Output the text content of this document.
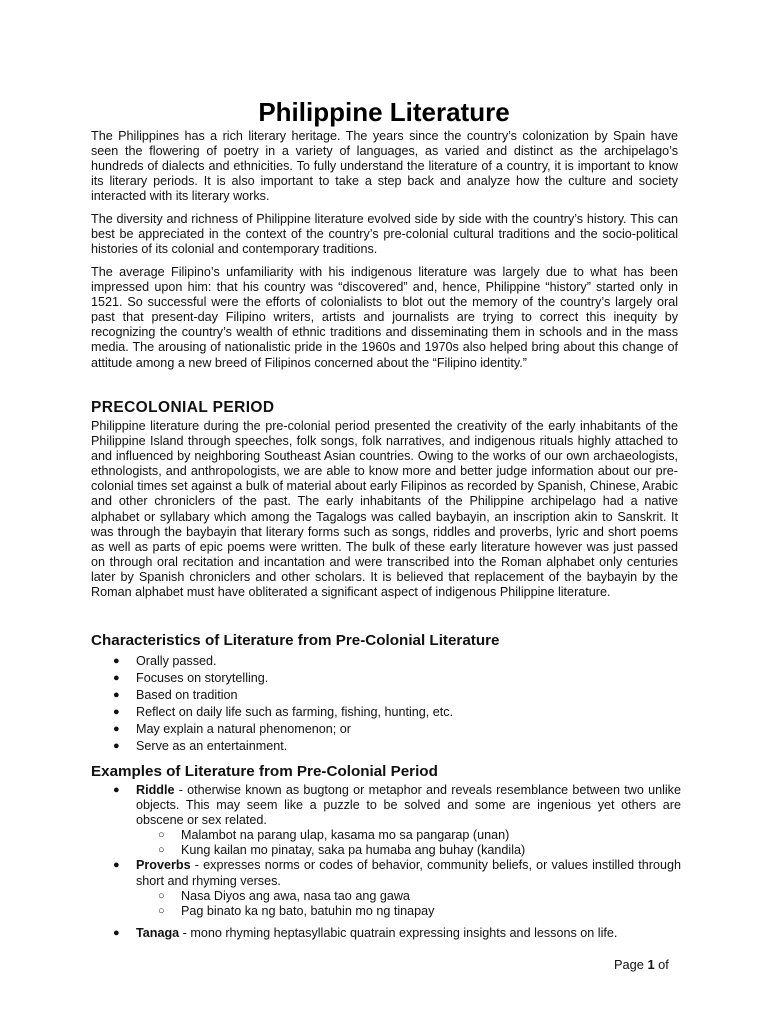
Philippine Literature

The Philippines has a rich literary heritage. The years since the country’s colonization by Spain have seen the flowering of poetry in a variety of languages, as varied and distinct as the archipelago’s hundreds of dialects and ethnicities. To fully understand the literature of a country, it is important to know its literary periods. It is also important to take a step back and analyze how the culture and society interacted with its literary works.

The diversity and richness of Philippine literature evolved side by side with the country’s history. This can best be appreciated in the context of the country’s pre-colonial cultural traditions and the socio-political histories of its colonial and contemporary traditions.

The average Filipino’s unfamiliarity with his indigenous literature was largely due to what has been impressed upon him: that his country was “discovered” and, hence, Philippine “history” started only in 1521. So successful were the efforts of colonialists to blot out the memory of the country’s largely oral past that present-day Filipino writers, artists and journalists are trying to correct this inequity by recognizing the country’s wealth of ethnic traditions and disseminating them in schools and in the mass media. The arousing of nationalistic pride in the 1960s and 1970s also helped bring about this change of attitude among a new breed of Filipinos concerned about the “Filipino identity.”

PRECOLONIAL PERIOD

Philippine literature during the pre-colonial period presented the creativity of the early inhabitants of the Philippine Island through speeches, folk songs, folk narratives, and indigenous rituals highly attached to and influenced by neighboring Southeast Asian countries. Owing to the works of our own archaeologists, ethnologists, and anthropologists, we are able to know more and better judge information about our pre-colonial times set against a bulk of material about early Filipinos as recorded by Spanish, Chinese, Arabic and other chroniclers of the past. The early inhabitants of the Philippine archipelago had a native alphabet or syllabary which among the Tagalogs was called baybayin, an inscription akin to Sanskrit. It was through the baybayin that literary forms such as songs, riddles and proverbs, lyric and short poems as well as parts of epic poems were written. The bulk of these early literature however was just passed on through oral recitation and incantation and were transcribed into the Roman alphabet only centuries later by Spanish chroniclers and other scholars. It is believed that replacement of the baybayin by the Roman alphabet must have obliterated a significant aspect of indigenous Philippine literature.

Characteristics of Literature from Pre-Colonial Literature
● Orally passed.
● Focuses on storytelling.
● Based on tradition
● Reflect on daily life such as farming, fishing, hunting, etc.
● May explain a natural phenomenon; or
● Serve as an entertainment.
Examples of Literature from Pre-Colonial Period
● Riddle - otherwise known as bugtong or metaphor and reveals resemblance between two unlike objects. This may seem like a puzzle to be solved and some are ingenious yet others are obscene or sex related.
○ Malambot na parang ulap, kasama mo sa pangarap (unan)
○ Kung kailan mo pinatay, saka pa humaba ang buhay (kandila)
● Proverbs - expresses norms or codes of behavior, community beliefs, or values instilled through short and rhyming verses.
○ Nasa Diyos ang awa, nasa tao ang gawa
○ Pag binato ka ng bato, batuhin mo ng tinapay
● Tanaga - mono rhyming heptasyllabic quatrain expressing insights and lessons on life.
Page 1 of
